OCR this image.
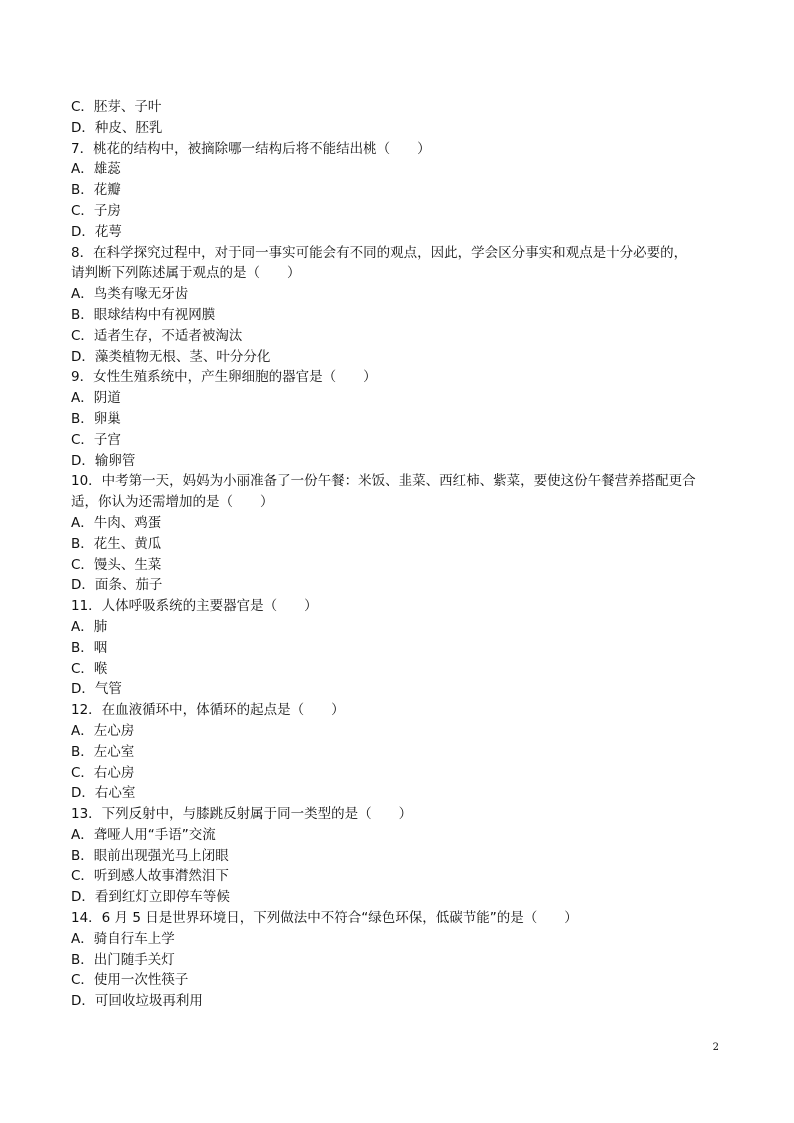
C．胚芽、子叶
D．种皮、胚乳
7．桃花的结构中，被摘除哪一结构后将不能结出桃（　　）
A．雄蕊
B．花瓣
C．子房
D．花萼
8．在科学探究过程中，对于同一事实可能会有不同的观点，因此，学会区分事实和观点是十分必要的，
请判断下列陈述属于观点的是（　　）
A．鸟类有喙无牙齿
B．眼球结构中有视网膜
C．适者生存，不适者被淘汰
D．藻类植物无根、茎、叶分分化
9．女性生殖系统中，产生卵细胞的器官是（　　）
A．阴道
B．卵巢
C．子宫
D．输卵管
10．中考第一天，妈妈为小丽准备了一份午餐：米饭、韭菜、西红柿、紫菜，要使这份午餐营养搭配更合
适，你认为还需增加的是（　　）
A．牛肉、鸡蛋
B．花生、黄瓜
C．馒头、生菜
D．面条、茄子
11．人体呼吸系统的主要器官是（　　）
A．肺
B．咽
C．喉
D．气管
12．在血液循环中，体循环的起点是（　　）
A．左心房
B．左心室
C．右心房
D．右心室
13．下列反射中，与膝跳反射属于同一类型的是（　　）
A．聋哑人用“手语”交流
B．眼前出现强光马上闭眼
C．听到感人故事潸然泪下
D．看到红灯立即停车等候
14．6 月 5 日是世界环境日，下列做法中不符合“绿色环保，低碳节能”的是（　　）
A．骑自行车上学
B．出门随手关灯
C．使用一次性筷子
D．可回收垃圾再利用
2
